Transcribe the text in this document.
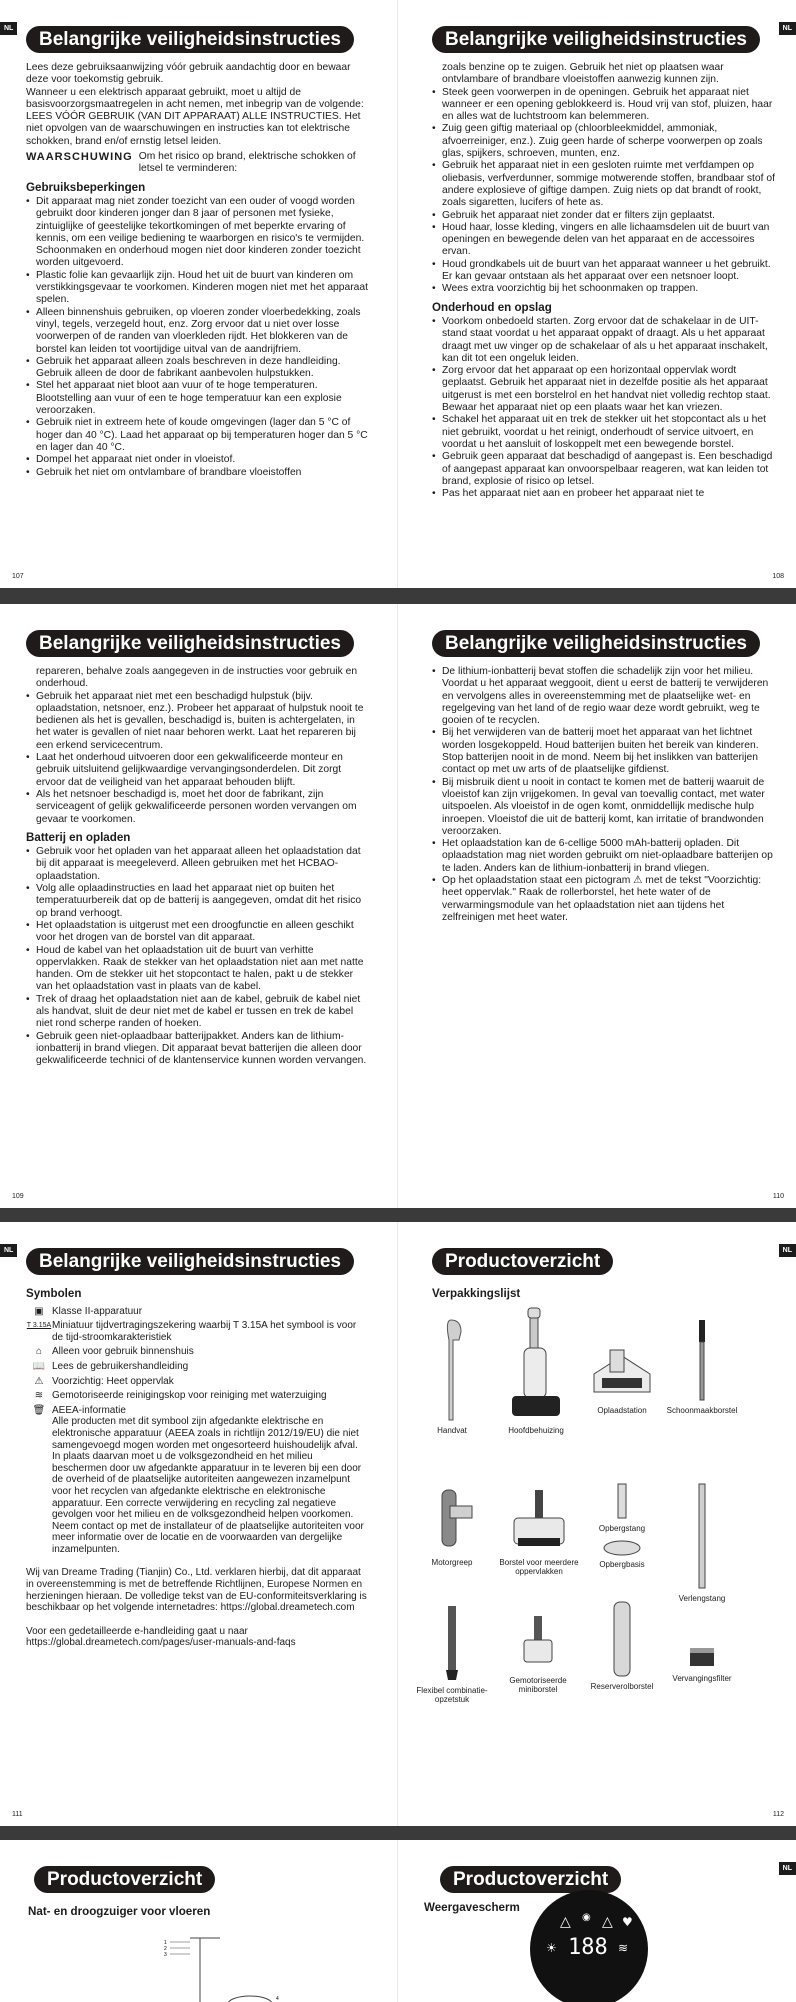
NL
Belangrijke veiligheidsinstructies

Lees deze gebruiksaanwijzing vóór gebruik aandachtig door en bewaar deze voor toekomstig gebruik.

Wanneer u een elektrisch apparaat gebruikt, moet u altijd de basisvoorzorgsmaatregelen in acht nemen, met inbegrip van de volgende:

LEES VÓÓR GEBRUIK (VAN DIT APPARAAT) ALLE INSTRUCTIES. Het niet opvolgen van de waarschuwingen en instructies kan tot elektrische schokken, brand en/of ernstig letsel leiden.

WAARSCHUWING Om het risico op brand, elektrische schokken of letsel te verminderen:
Gebruiksbeperkingen
• Dit apparaat mag niet zonder toezicht van een ouder of voogd worden gebruikt door kinderen jonger dan 8 jaar of personen met fysieke, zintuiglijke of geestelijke tekortkomingen of met beperkte ervaring of kennis, om een veilige bediening te waarborgen en risico's te vermijden. Schoonmaken en onderhoud mogen niet door kinderen zonder toezicht worden uitgevoerd.
• Plastic folie kan gevaarlijk zijn. Houd het uit de buurt van kinderen om verstikkingsgevaar te voorkomen. Kinderen mogen niet met het apparaat spelen.
• Alleen binnenshuis gebruiken, op vloeren zonder vloerbedekking, zoals vinyl, tegels, verzegeld hout, enz. Zorg ervoor dat u niet over losse voorwerpen of de randen van vloerkleden rijdt. Het blokkeren van de borstel kan leiden tot voortijdige uitval van de aandrijfriem.
• Gebruik het apparaat alleen zoals beschreven in deze handleiding. Gebruik alleen de door de fabrikant aanbevolen hulpstukken.
• Stel het apparaat niet bloot aan vuur of te hoge temperaturen. Blootstelling aan vuur of een te hoge temperatuur kan een explosie veroorzaken.
• Gebruik niet in extreem hete of koude omgevingen (lager dan 5 °C of hoger dan 40 °C). Laad het apparaat op bij temperaturen hoger dan 5 °C en lager dan 40 °C.
• Dompel het apparaat niet onder in vloeistof.
• Gebruik het niet om ontvlambare of brandbare vloeistoffen
107
NL
Belangrijke veiligheidsinstructies

zoals benzine op te zuigen. Gebruik het niet op plaatsen waar ontvlambare of brandbare vloeistoffen aanwezig kunnen zijn.

• Steek geen voorwerpen in de openingen. Gebruik het apparaat niet wanneer er een opening geblokkeerd is. Houd vrij van stof, pluizen, haar en alles wat de luchtstroom kan belemmeren.
• Zuig geen giftig materiaal op (chloorbleekmiddel, ammoniak, afvoerreiniger, enz.). Zuig geen harde of scherpe voorwerpen op zoals glas, spijkers, schroeven, munten, enz.
• Gebruik het apparaat niet in een gesloten ruimte met verfdampen op oliebasis, verfverdunner, sommige motwerende stoffen, brandbaar stof of andere explosieve of giftige dampen. Zuig niets op dat brandt of rookt, zoals sigaretten, lucifers of hete as.
• Gebruik het apparaat niet zonder dat er filters zijn geplaatst.
• Houd haar, losse kleding, vingers en alle lichaamsdelen uit de buurt van openingen en bewegende delen van het apparaat en de accessoires ervan.
• Houd grondkabels uit de buurt van het apparaat wanneer u het gebruikt. Er kan gevaar ontstaan als het apparaat over een netsnoer loopt.
• Wees extra voorzichtig bij het schoonmaken op trappen.
Onderhoud en opslag
• Voorkom onbedoeld starten. Zorg ervoor dat de schakelaar in de UIT-stand staat voordat u het apparaat oppakt of draagt. Als u het apparaat draagt met uw vinger op de schakelaar of als u het apparaat inschakelt, kan dit tot een ongeluk leiden.
• Zorg ervoor dat het apparaat op een horizontaal oppervlak wordt geplaatst. Gebruik het apparaat niet in dezelfde positie als het apparaat uitgerust is met een borstelrol en het handvat niet volledig rechtop staat. Bewaar het apparaat niet op een plaats waar het kan vriezen.
• Schakel het apparaat uit en trek de stekker uit het stopcontact als u het niet gebruikt, voordat u het reinigt, onderhoudt of service uitvoert, en voordat u het aansluit of loskoppelt met een bewegende borstel.
• Gebruik geen apparaat dat beschadigd of aangepast is. Een beschadigd of aangepast apparaat kan onvoorspelbaar reageren, wat kan leiden tot brand, explosie of risico op letsel.
• Pas het apparaat niet aan en probeer het apparaat niet te
108
Belangrijke veiligheidsinstructies

repareren, behalve zoals aangegeven in de instructies voor gebruik en onderhoud.

• Gebruik het apparaat niet met een beschadigd hulpstuk (bijv. oplaadstation, netsnoer, enz.). Probeer het apparaat of hulpstuk nooit te bedienen als het is gevallen, beschadigd is, buiten is achtergelaten, in het water is gevallen of niet naar behoren werkt. Laat het repareren bij een erkend servicecentrum.
• Laat het onderhoud uitvoeren door een gekwalificeerde monteur en gebruik uitsluitend gelijkwaardige vervangingsonderdelen. Dit zorgt ervoor dat de veiligheid van het apparaat behouden blijft.
• Als het netsnoer beschadigd is, moet het door de fabrikant, zijn serviceagent of gelijk gekwalificeerde personen worden vervangen om gevaar te voorkomen.
Batterij en opladen
• Gebruik voor het opladen van het apparaat alleen het oplaadstation dat bij dit apparaat is meegeleverd. Alleen gebruiken met het HCBAO-oplaadstation.
• Volg alle oplaadinstructies en laad het apparaat niet op buiten het temperatuurbereik dat op de batterij is aangegeven, omdat dit het risico op brand verhoogt.
• Het oplaadstation is uitgerust met een droogfunctie en alleen geschikt voor het drogen van de borstel van dit apparaat.
• Houd de kabel van het oplaadstation uit de buurt van verhitte oppervlakken. Raak de stekker van het oplaadstation niet aan met natte handen. Om de stekker uit het stopcontact te halen, pakt u de stekker van het oplaadstation vast in plaats van de kabel.
• Trek of draag het oplaadstation niet aan de kabel, gebruik de kabel niet als handvat, sluit de deur niet met de kabel er tussen en trek de kabel niet rond scherpe randen of hoeken.
• Gebruik geen niet-oplaadbaar batterijpakket. Anders kan de lithium-ionbatterij in brand vliegen. Dit apparaat bevat batterijen die alleen door gekwalificeerde technici of de klantenservice kunnen worden vervangen.
109
Belangrijke veiligheidsinstructies
• De lithium-ionbatterij bevat stoffen die schadelijk zijn voor het milieu. Voordat u het apparaat weggooit, dient u eerst de batterij te verwijderen en vervolgens alles in overeenstemming met de plaatselijke wet- en regelgeving van het land of de regio waar deze wordt gebruikt, weg te gooien of te recyclen.
• Bij het verwijderen van de batterij moet het apparaat van het lichtnet worden losgekoppeld. Houd batterijen buiten het bereik van kinderen. Stop batterijen nooit in de mond. Neem bij het inslikken van batterijen contact op met uw arts of de plaatselijke gifdienst.
• Bij misbruik dient u nooit in contact te komen met de batterij waaruit de vloeistof kan zijn vrijgekomen. In geval van toevallig contact, met water uitspoelen. Als vloeistof in de ogen komt, onmiddellijk medische hulp inroepen. Vloeistof die uit de batterij komt, kan irritatie of brandwonden veroorzaken.
• Het oplaadstation kan de 6-cellige 5000 mAh-batterij opladen. Dit oplaadstation mag niet worden gebruikt om niet-oplaadbare batterijen op te laden. Anders kan de lithium-ionbatterij in brand vliegen.
• Op het oplaadstation staat een pictogram ⚠ met de tekst "Voorzichtig: heet oppervlak." Raak de rollerborstel, het hete water of de verwarmingsmodule van het oplaadstation niet aan tijdens het zelfreinigen met heet water.
110
NL
Belangrijke veiligheidsinstructies
Symbolen
▣ Klasse II-apparatuur
T 3.15A Miniatuur tijdvertragingszekering waarbij T 3.15A het symbool is voor de tijd-stroomkarakteristiek
⌂ Alleen voor gebruik binnenshuis
📖 Lees de gebruikershandleiding
⚠ Voorzichtig: Heet oppervlak
≋ Gemotoriseerde reinigingskop voor reiniging met waterzuiging
🗑 AEEA-informatie
Alle producten met dit symbool zijn afgedankte elektrische en elektronische apparatuur (AEEA zoals in richtlijn 2012/19/EU) die niet samengevoegd mogen worden met ongesorteerd huishoudelijk afval. In plaats daarvan moet u de volksgezondheid en het milieu beschermen door uw afgedankte apparatuur in te leveren bij een door de overheid of de plaatselijke autoriteiten aangewezen inzamelpunt voor het recyclen van afgedankte elektrische en elektronische apparatuur. Een correcte verwijdering en recycling zal negatieve gevolgen voor het milieu en de volksgezondheid helpen voorkomen. Neem contact op met de installateur of de plaatselijke autoriteiten voor meer informatie over de locatie en de voorwaarden van dergelijke inzamelpunten.

Wij van Dreame Trading (Tianjin) Co., Ltd. verklaren hierbij, dat dit apparaat in overeenstemming is met de betreffende Richtlijnen, Europese Normen en herzieningen hieraan. De volledige tekst van de EU-conformiteitsverklaring is beschikbaar op het volgende internetadres: https://global.dreametech.com

Voor een gedetailleerde e-handleiding gaat u naar https://global.dreametech.com/pages/user-manuals-and-faqs

111
NL
Productoverzicht
Verpakkingslijst
Handvat	Hoofdbehuizing
Oplaadstation	Schoonmaakborstel
Motorgreep	Borstel voor meerdere oppervlakken
Opbergstang
Opbergbasis
Verlengstang
Flexibel combinatie-opzetstuk
Gemotoriseerde miniborstel	Reserverolborstel
Vervangingsfilter
112
Productoverzicht
Nat- en droogzuiger voor vloeren
1
2
3
4
NL
Productoverzicht
Weergavescherm
△ ◉ △ ♥
☀ 188 ≋
